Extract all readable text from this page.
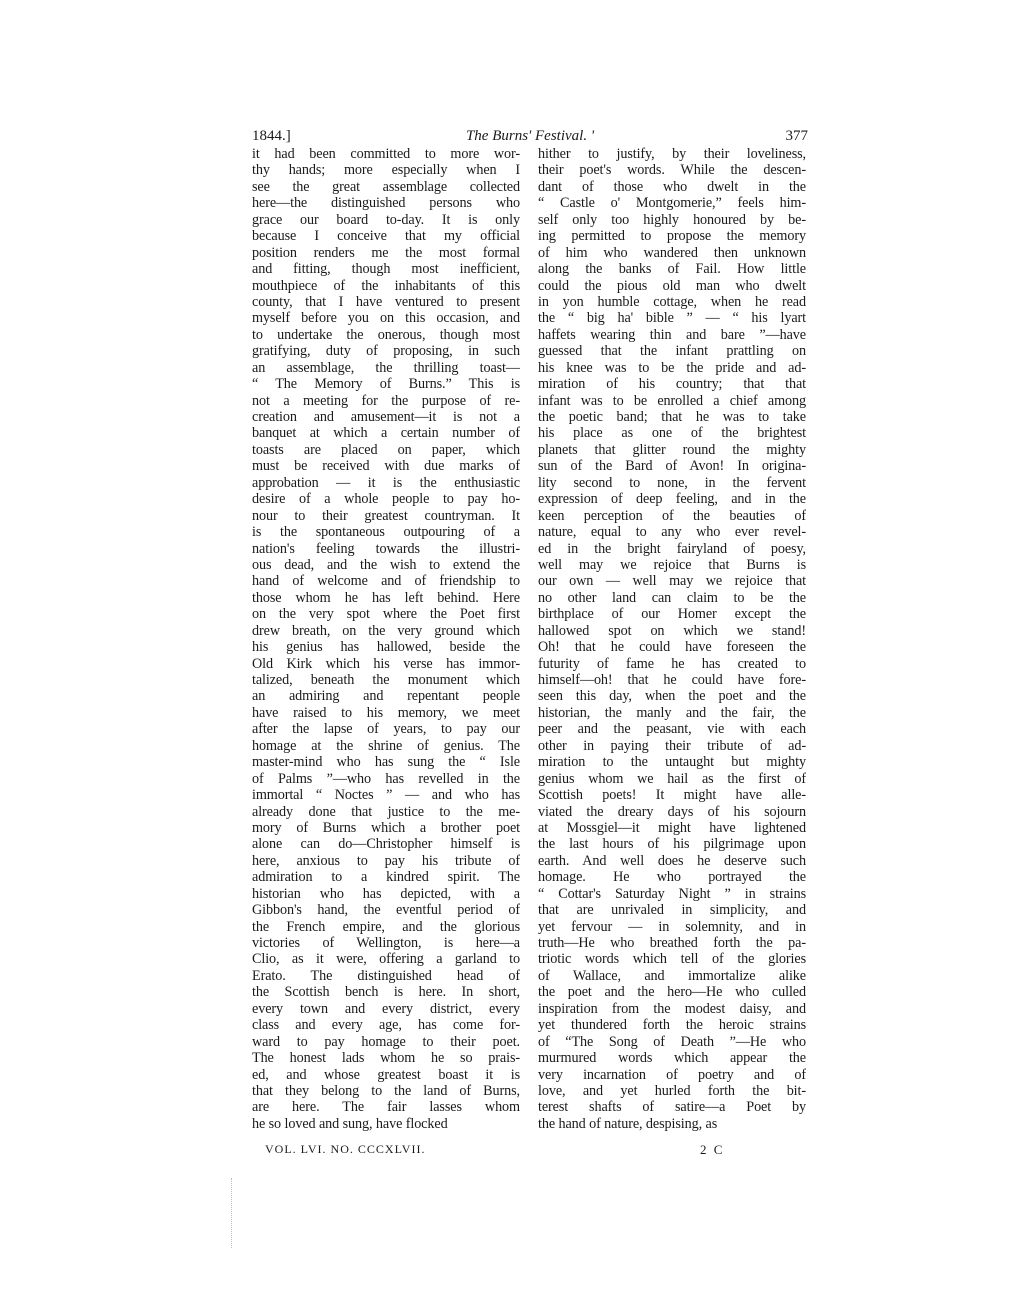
1844.]	The Burns' Festival. '	377
it had been committed to more wor-
thy hands; more especially when I
see the great assemblage collected
here—the distinguished persons who
grace our board to-day. It is only
because I conceive that my official
position renders me the most formal
and fitting, though most inefficient,
mouthpiece of the inhabitants of this
county, that I have ventured to present
myself before you on this occasion, and
to undertake the onerous, though most
gratifying, duty of proposing, in such
an assemblage, the thrilling toast—
“ The Memory of Burns.” This is
not a meeting for the purpose of re-
creation and amusement—it is not a
banquet at which a certain number of
toasts are placed on paper, which
must be received with due marks of
approbation — it is the enthusiastic
desire of a whole people to pay ho-
nour to their greatest countryman. It
is the spontaneous outpouring of a
nation's feeling towards the illustri-
ous dead, and the wish to extend the
hand of welcome and of friendship to
those whom he has left behind. Here
on the very spot where the Poet first
drew breath, on the very ground which
his genius has hallowed, beside the
Old Kirk which his verse has immor-
talized, beneath the monument which
an admiring and repentant people
have raised to his memory, we meet
after the lapse of years, to pay our
homage at the shrine of genius. The
master-mind who has sung the “ Isle
of Palms ”—who has revelled in the
immortal “ Noctes ” — and who has
already done that justice to the me-
mory of Burns which a brother poet
alone can do—Christopher himself is
here, anxious to pay his tribute of
admiration to a kindred spirit. The
historian who has depicted, with a
Gibbon's hand, the eventful period of
the French empire, and the glorious
victories of Wellington, is here—a
Clio, as it were, offering a garland to
Erato. The distinguished head of
the Scottish bench is here. In short,
every town and every district, every
class and every age, has come for-
ward to pay homage to their poet.
The honest lads whom he so prais-
ed, and whose greatest boast it is
that they belong to the land of Burns,
are here. The fair lasses whom
he so loved and sung, have flocked
hither to justify, by their loveliness,
their poet's words. While the descen-
dant of those who dwelt in the
“ Castle o' Montgomerie,” feels him-
self only too highly honoured by be-
ing permitted to propose the memory
of him who wandered then unknown
along the banks of Fail. How little
could the pious old man who dwelt
in yon humble cottage, when he read
the “ big ha' bible ” — “ his lyart
haffets wearing thin and bare ”—have
guessed that the infant prattling on
his knee was to be the pride and ad-
miration of his country; that that
infant was to be enrolled a chief among
the poetic band; that he was to take
his place as one of the brightest
planets that glitter round the mighty
sun of the Bard of Avon! In origina-
lity second to none, in the fervent
expression of deep feeling, and in the
keen perception of the beauties of
nature, equal to any who ever revel-
ed in the bright fairyland of poesy,
well may we rejoice that Burns is
our own — well may we rejoice that
no other land can claim to be the
birthplace of our Homer except the
hallowed spot on which we stand!
Oh! that he could have foreseen the
futurity of fame he has created to
himself—oh! that he could have fore-
seen this day, when the poet and the
historian, the manly and the fair, the
peer and the peasant, vie with each
other in paying their tribute of ad-
miration to the untaught but mighty
genius whom we hail as the first of
Scottish poets! It might have alle-
viated the dreary days of his sojourn
at Mossgiel—it might have lightened
the last hours of his pilgrimage upon
earth. And well does he deserve such
homage. He who portrayed the
“ Cottar's Saturday Night ” in strains
that are unrivaled in simplicity, and
yet fervour — in solemnity, and in
truth—He who breathed forth the pa-
triotic words which tell of the glories
of Wallace, and immortalize alike
the poet and the hero—He who culled
inspiration from the modest daisy, and
yet thundered forth the heroic strains
of “The Song of Death ”—He who
murmured words which appear the
very incarnation of poetry and of
love, and yet hurled forth the bit-
terest shafts of satire—a Poet by
the hand of nature, despising, as
VOL. LVI. NO. CCCXLVII.	2 C
